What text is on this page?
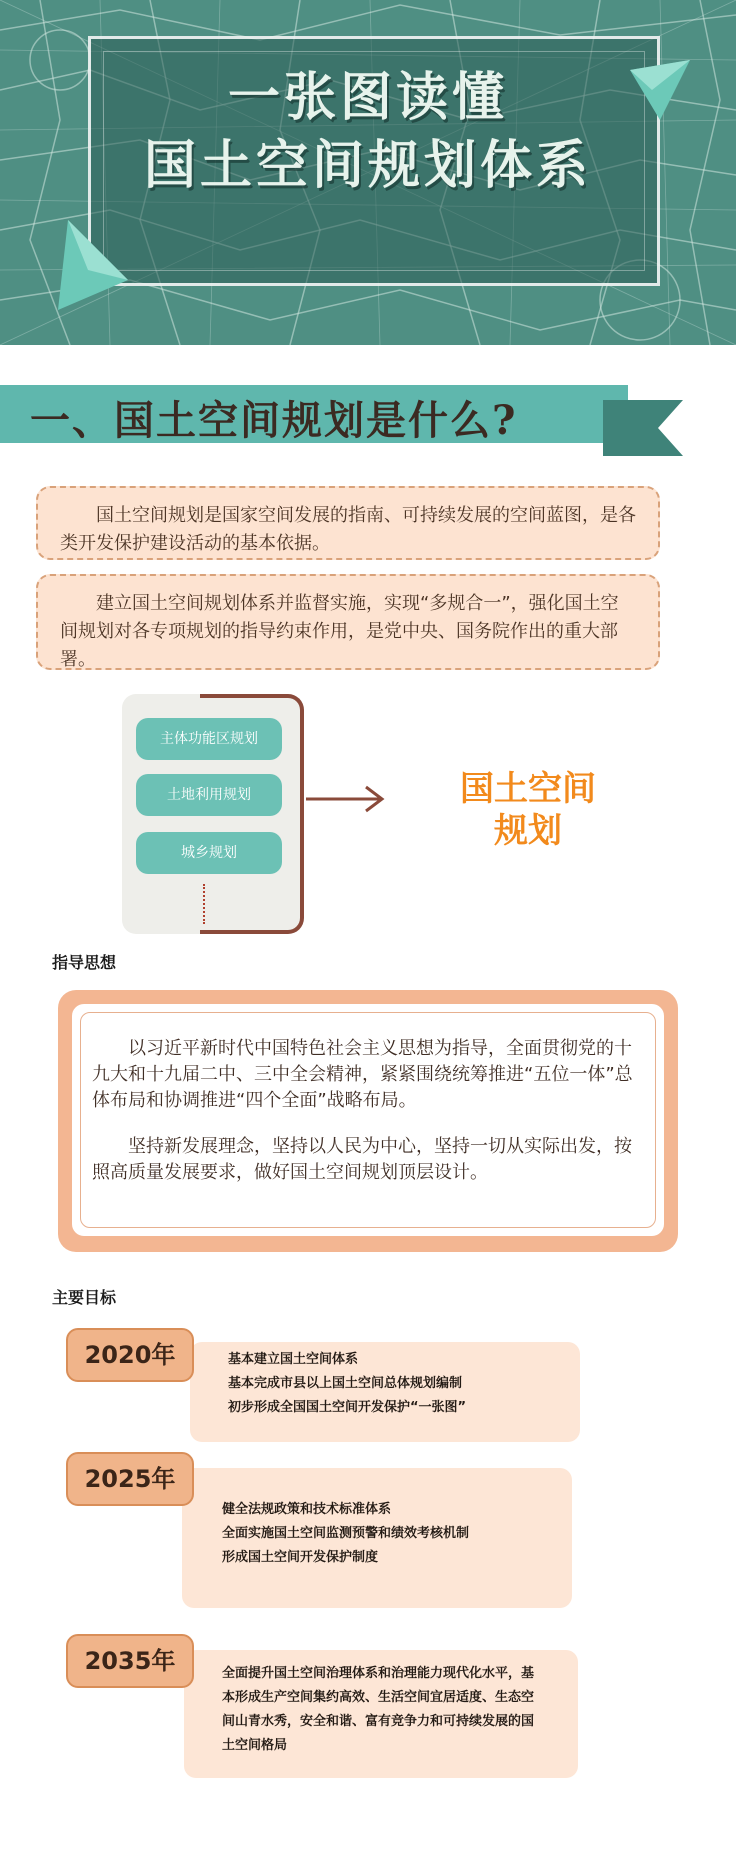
一张图读懂
国土空间规划体系
一、国土空间规划是什么?

国土空间规划是国家空间发展的指南、可持续发展的空间蓝图，是各类开发保护建设活动的基本依据。

建立国土空间规划体系并监督实施，实现“多规合一”，强化国土空间规划对各专项规划的指导约束作用，是党中央、国务院作出的重大部署。

主体功能区规划
土地利用规划
城乡规划
国土空间
规划
指导思想

以习近平新时代中国特色社会主义思想为指导，全面贯彻党的十九大和十九届二中、三中全会精神，紧紧围绕统筹推进“五位一体”总体布局和协调推进“四个全面”战略布局。

坚持新发展理念，坚持以人民为中心，坚持一切从实际出发，按照高质量发展要求，做好国土空间规划顶层设计。

主要目标
2020年	基本建立国土空间体系
基本完成市县以上国土空间总体规划编制
初步形成全国国土空间开发保护“一张图”
2025年
健全法规政策和技术标准体系
全面实施国土空间监测预警和绩效考核机制
形成国土空间开发保护制度
2035年	全面提升国土空间治理体系和治理能力现代化水平，基
本形成生产空间集约高效、生活空间宜居适度、生态空
间山青水秀，安全和谐、富有竞争力和可持续发展的国
土空间格局
